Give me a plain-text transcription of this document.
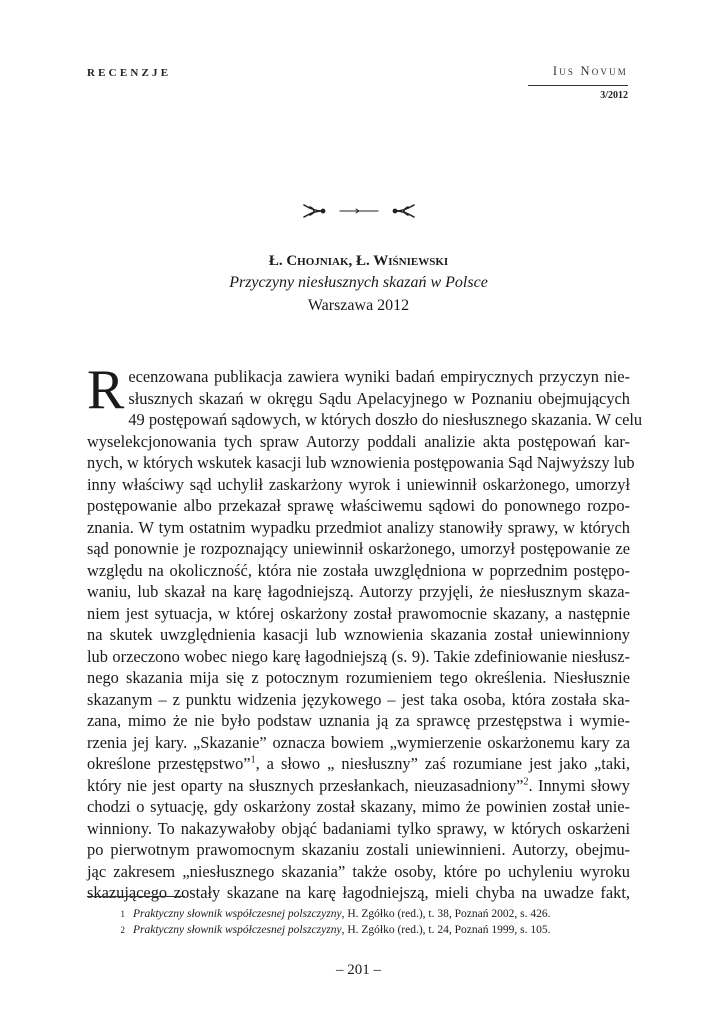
RECENZJE	Ius Novum
3/2012
Ł. Chojniak, Ł. Wiśniewski
Przyczyny niesłusznych skazań w Polsce
Warszawa 2012
R ecenzowana publikacja zawiera wyniki badań empirycznych przyczyn nie-
słusznych skazań w okręgu Sądu Apelacyjnego w Poznaniu obejmujących
49 postępowań sądowych, w których doszło do niesłusznego skazania. W celu
wyselekcjonowania tych spraw Autorzy poddali analizie akta postępowań kar-
nych, w których wskutek kasacji lub wznowienia postępowania Sąd Najwyższy lub
inny właściwy sąd uchylił zaskarżony wyrok i uniewinnił oskarżonego, umorzył
postępowanie albo przekazał sprawę właściwemu sądowi do ponownego rozpo-
znania. W tym ostatnim wypadku przedmiot analizy stanowiły sprawy, w których
sąd ponownie je rozpoznający uniewinnił oskarżonego, umorzył postępowanie ze
względu na okoliczność, która nie została uwzględniona w poprzednim postępo-
waniu, lub skazał na karę łagodniejszą. Autorzy przyjęli, że niesłusznym skaza-
niem jest sytuacja, w której oskarżony został prawomocnie skazany, a następnie
na skutek uwzględnienia kasacji lub wznowienia skazania został uniewinniony
lub orzeczono wobec niego karę łagodniejszą (s. 9). Takie zdefiniowanie niesłusz-
nego skazania mija się z potocznym rozumieniem tego określenia. Niesłusznie
skazanym – z punktu widzenia językowego – jest taka osoba, która została ska-
zana, mimo że nie było podstaw uznania ją za sprawcę przestępstwa i wymie-
rzenia jej kary. „Skazanie” oznacza bowiem „wymierzenie oskarżonemu kary za
określone przestępstwo”$^1$, a słowo „ niesłuszny” zaś rozumiane jest jako „taki,
który nie jest oparty na słusznych przesłankach, nieuzasadniony”$^2$. Innymi słowy
chodzi o sytuację, gdy oskarżony został skazany, mimo że powinien został unie-
winniony. To nakazywałoby objąć badaniami tylko sprawy, w których oskarżeni
po pierwotnym prawomocnym skazaniu zostali uniewinnieni. Autorzy, obejmu-
jąc zakresem „niesłusznego skazania” także osoby, które po uchyleniu wyroku
skazującego zostały skazane na karę łagodniejszą, mieli chyba na uwadze fakt,
1 Praktyczny słownik współczesnej polszczyzny, H. Zgółko (red.), t. 38, Poznań 2002, s. 426.
2 Praktyczny słownik współczesnej polszczyzny, H. Zgółko (red.), t. 24, Poznań 1999, s. 105.
– 201 –
